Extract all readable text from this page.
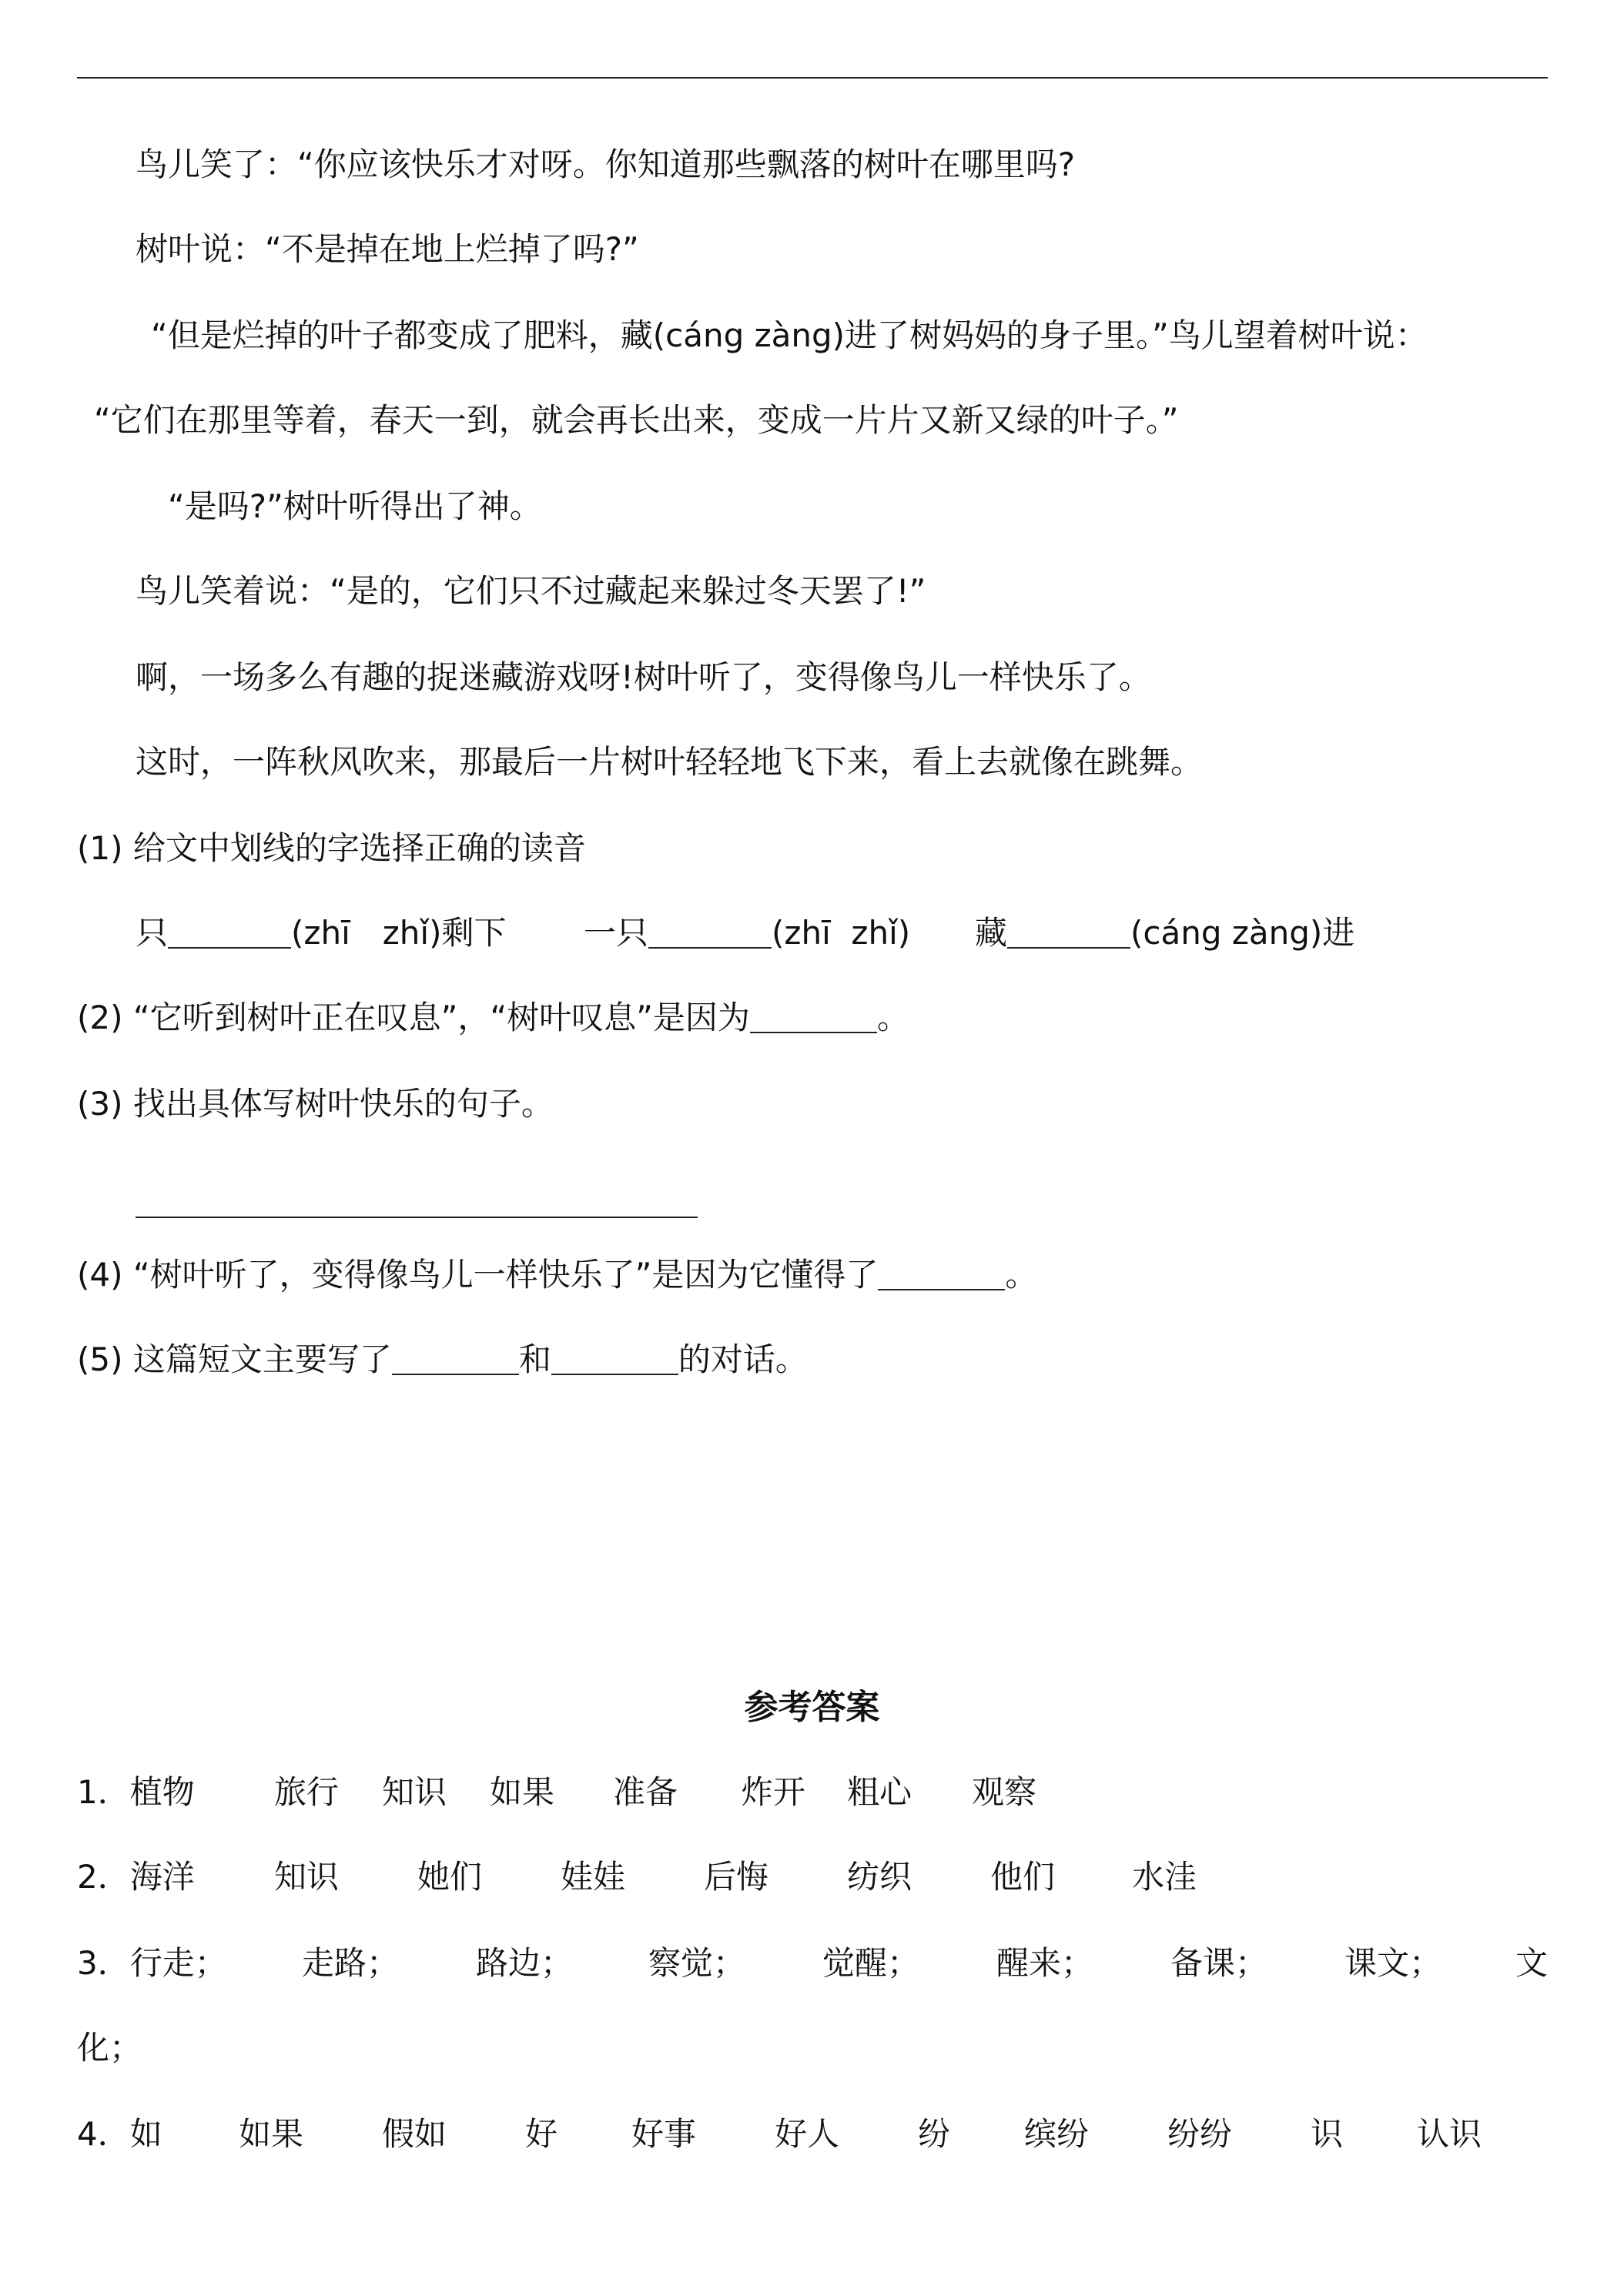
鸟儿笑了：“你应该快乐才对呀。你知道那些飘落的树叶在哪里吗?
树叶说：“不是掉在地上烂掉了吗?”
“但是烂掉的叶子都变成了肥料，藏(cáng zàng)进了树妈妈的身子里。”鸟儿望着树叶说：
“它们在那里等着，春天一到，就会再长出来，变成一片片又新又绿的叶子。”
“是吗?”树叶听得出了神。
鸟儿笑着说：“是的，它们只不过藏起来躲过冬天罢了!”
啊，一场多么有趣的捉迷藏游戏呀!树叶听了，变得像鸟儿一样快乐了。
这时，一阵秋风吹来，那最后一片树叶轻轻地飞下来，看上去就像在跳舞。
(1) 给文中划线的字选择正确的读音
只	(zhī　zhǐ)剩下 一只	(zhī  zhǐ) 藏	(cáng zàng)进
(2) “它听到树叶正在叹息”，“树叶叹息”是因为	。
(3) 找出具体写树叶快乐的句子。
(4) “树叶听了，变得像鸟儿一样快乐了”是因为它懂得了	。
(5) 这篇短文主要写了	和	的对话。
参考答案
1．植物 旅行 知识 如果 准备 炸开 粗心 观察
2．海洋 知识 她们 娃娃 后悔 纺织 他们 水洼
3．行走； 走路； 路边； 察觉； 觉醒； 醒来； 备课； 课文； 文
化；
4．如 如果 假如 好 好事 好人 纷 缤纷 纷纷 识 认识
